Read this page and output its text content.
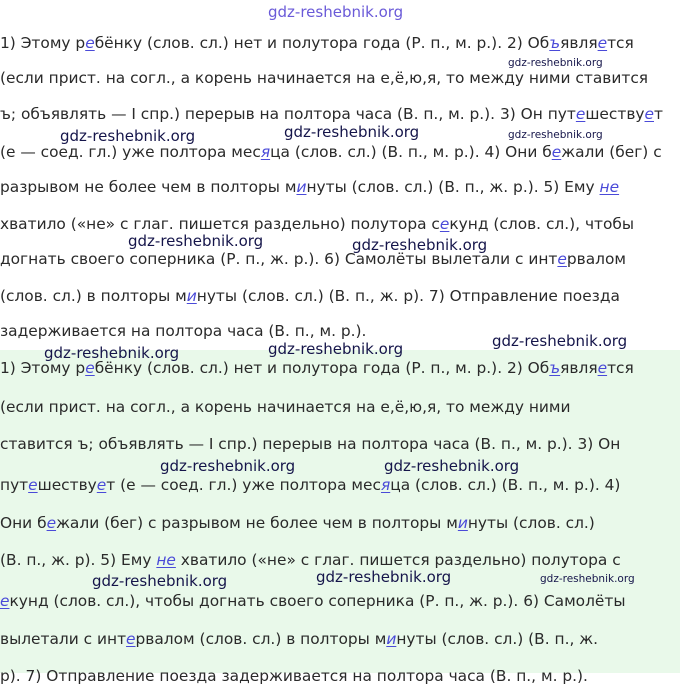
gdz-reshebnik.org
gdz-reshebnik.org
gdz-reshebnik.org	gdz-reshebnik.org	gdz-reshebnik.org
gdz-reshebnik.org	gdz-reshebnik.org
gdz-reshebnik.org
gdz-reshebnik.org	gdz-reshebnik.org
gdz-reshebnik.org	gdz-reshebnik.org
gdz-reshebnik.org	gdz-reshebnik.org	gdz-reshebnik.org
1) Этому ребёнку (слов. сл.) нет и полутора года (Р. п., м. р.). 2) Объявляется
(если прист. на согл., а корень начинается на е,ё,ю,я, то между ними ставится
ъ; объявлять — I спр.) перерыв на полтора часа (В. п., м. р.). 3) Он путешествует
(е — соед. гл.) уже полтора месяца (слов. сл.) (В. п., м. р.). 4) Они бежали (бег) с
разрывом не более чем в полторы минуты (слов. сл.) (В. п., ж. р.). 5) Ему не
хватило («не» с глаг. пишется раздельно) полутора секунд (слов. сл.), чтобы
догнать своего соперника (Р. п., ж. р.). 6) Самолёты вылетали с интервалом
(слов. сл.) в полторы минуты (слов. сл.) (В. п., ж. р). 7) Отправление поезда
задерживается на полтора часа (В. п., м. р.).
1) Этому ребёнку (слов. сл.) нет и полутора года (Р. п., м. р.). 2) Объявляется
(если прист. на согл., а корень начинается на е,ё,ю,я, то между ними
ставится ъ; объявлять — I спр.) перерыв на полтора часа (В. п., м. р.). 3) Он
путешествует (е — соед. гл.) уже полтора месяца (слов. сл.) (В. п., м. р.). 4)
Они бежали (бег) с разрывом не более чем в полторы минуты (слов. сл.)
(В. п., ж. р). 5) Ему не хватило («не» с глаг. пишется раздельно) полутора с
екунд (слов. сл.), чтобы догнать своего соперника (Р. п., ж. р.). 6) Самолёты
вылетали с интервалом (слов. сл.) в полторы минуты (слов. сл.) (В. п., ж.
р). 7) Отправление поезда задерживается на полтора часа (В. п., м. р.).
